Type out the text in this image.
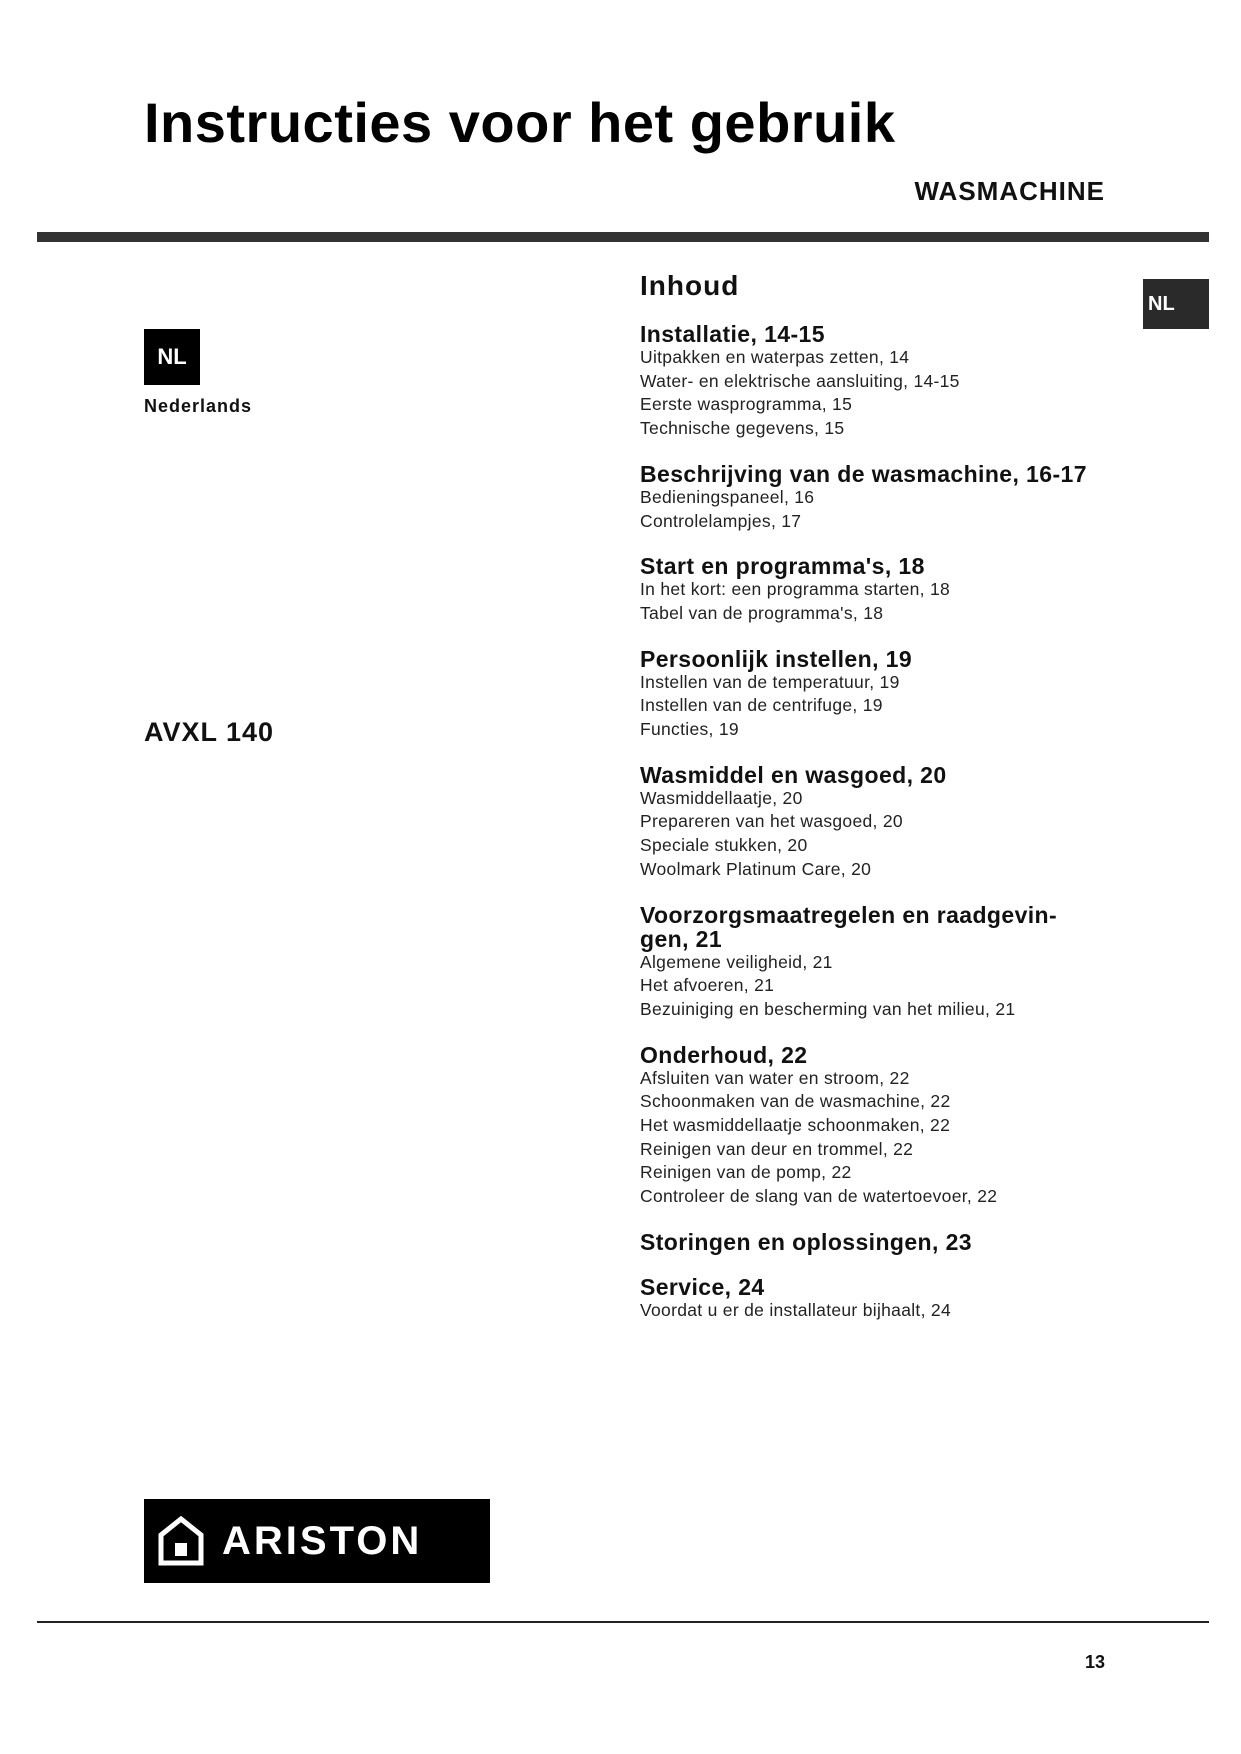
Instructies voor het gebruik
WASMACHINE
NL
Nederlands
NL
AVXL 140
Inhoud
Installatie, 14-15
Uitpakken en waterpas zetten, 14
Water- en elektrische aansluiting, 14-15
Eerste wasprogramma, 15
Technische gegevens, 15
Beschrijving van de wasmachine, 16-17
Bedieningspaneel, 16
Controlelampjes, 17
Start en programma's, 18
In het kort: een programma starten, 18
Tabel van de programma's, 18
Persoonlijk instellen, 19
Instellen van de temperatuur, 19
Instellen van de centrifuge, 19
Functies, 19
Wasmiddel en wasgoed, 20
Wasmiddellaatje, 20
Prepareren van het wasgoed, 20
Speciale stukken, 20
Woolmark Platinum Care, 20
Voorzorgsmaatregelen en raadgevin-gen, 21
Algemene veiligheid, 21
Het afvoeren, 21
Bezuiniging en bescherming van het milieu, 21
Onderhoud, 22
Afsluiten van water en stroom, 22
Schoonmaken van de wasmachine, 22
Het wasmiddellaatje schoonmaken, 22
Reinigen van deur en trommel, 22
Reinigen van de pomp, 22
Controleer de slang van de watertoevoer, 22
Storingen en oplossingen, 23
Service, 24
Voordat u er de installateur bijhaalt, 24
ARISTON
13
